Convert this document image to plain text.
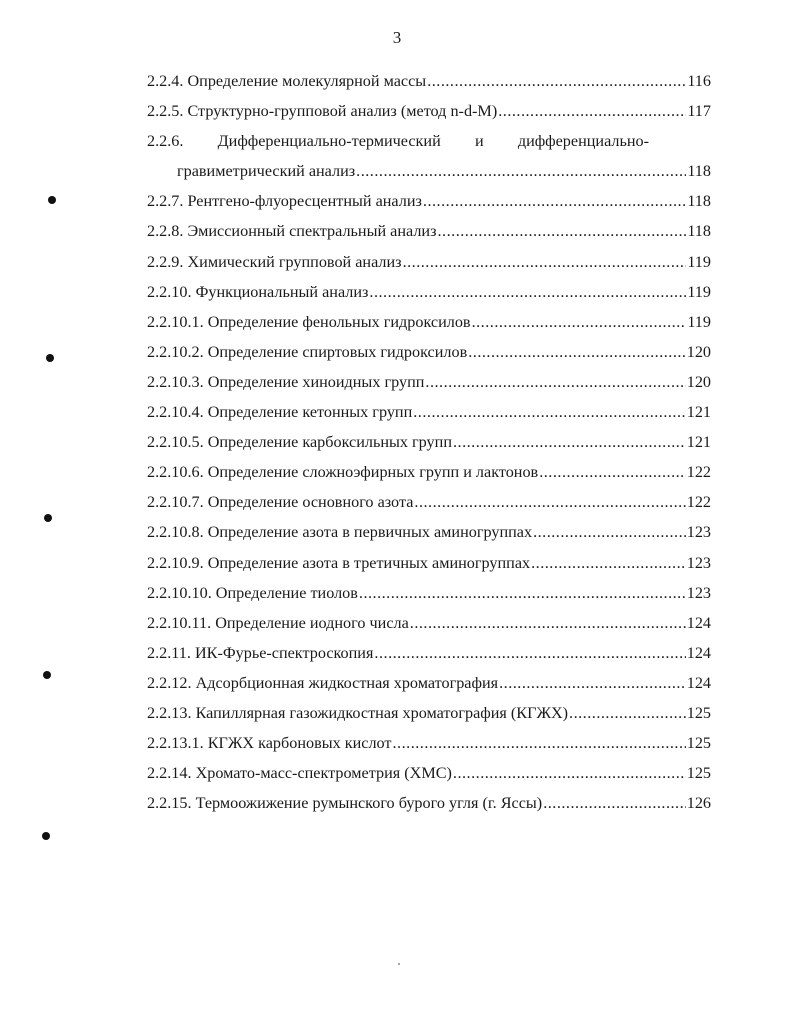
3
2.2.4. Определение молекулярной массы .....	116
2.2.5. Структурно-групповой анализ (метод n-d-M) .....	117
2.2.6. Дифференциально-термический и дифференциально-
гравиметрический анализ .....	118
2.2.7. Рентгено-флуоресцентный анализ .....	118
2.2.8. Эмиссионный спектральный анализ .....	118
2.2.9. Химический групповой анализ .....	119
2.2.10. Функциональный анализ .....	119
2.2.10.1. Определение фенольных гидроксилов .....	119
2.2.10.2. Определение спиртовых гидроксилов .....	120
2.2.10.3. Определение хиноидных групп .....	120
2.2.10.4. Определение кетонных групп .....	121
2.2.10.5. Определение карбоксильных групп .....	121
2.2.10.6. Определение сложноэфирных групп и лактонов .....	122
2.2.10.7. Определение основного азота .....	122
2.2.10.8. Определение азота в первичных аминогруппах .....	123
2.2.10.9. Определение азота в третичных аминогруппах .....	123
2.2.10.10. Определение тиолов .....	123
2.2.10.11. Определение иодного числа .....	124
2.2.11. ИК-Фурье-спектроскопия .....	124
2.2.12. Адсорбционная жидкостная хроматография .....	124
2.2.13. Капиллярная газожидкостная хроматография (КГЖХ) .....	125
2.2.13.1. КГЖХ карбоновых кислот .....	125
2.2.14. Хромато-масс-спектрометрия (ХМС) .....	125
2.2.15. Термоожижение румынского бурого угля (г. Яссы) .....	126
